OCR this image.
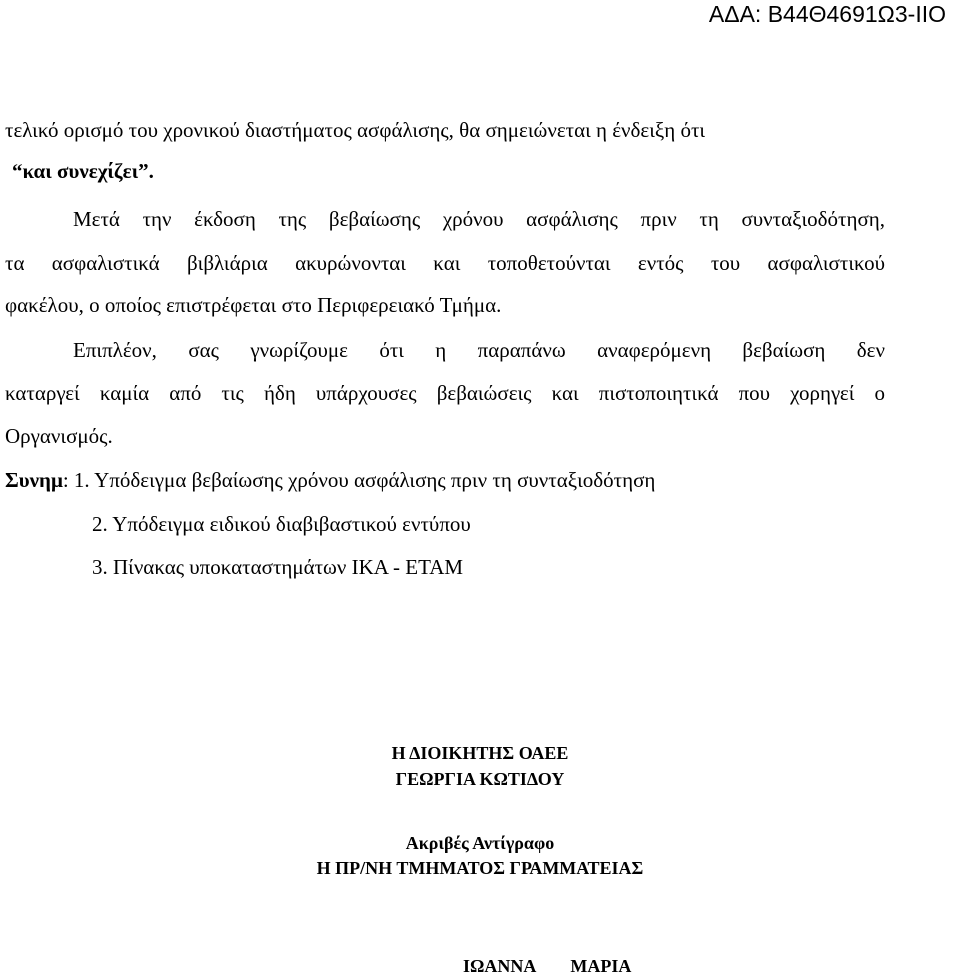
ΑΔΑ: Β44Θ4691Ω3-ΙΙΟ
τελικό ορισμό του χρονικού διαστήματος ασφάλισης, θα σημειώνεται η ένδειξη ότι
“και συνεχίζει”.
Μετά την έκδοση της βεβαίωσης χρόνου ασφάλισης πριν τη συνταξιοδότηση,
τα ασφαλιστικά βιβλιάρια ακυρώνονται και τοποθετούνται εντός του ασφαλιστικού
φακέλου, ο οποίος επιστρέφεται στο Περιφερειακό Τμήμα.
Επιπλέον, σας γνωρίζουμε ότι η παραπάνω αναφερόμενη βεβαίωση δεν
καταργεί καμία από τις ήδη υπάρχουσες βεβαιώσεις και πιστοποιητικά που χορηγεί ο
Οργανισμός.
Συνημ: 1. Υπόδειγμα βεβαίωσης χρόνου ασφάλισης πριν τη συνταξιοδότηση
2. Υπόδειγμα ειδικού διαβιβαστικού εντύπου
3. Πίνακας υποκαταστημάτων ΙΚΑ - ΕΤΑΜ
Η ΔΙΟΙΚΗΤΗΣ ΟΑΕΕ
ΓΕΩΡΓΙΑ ΚΩΤΙΔΟΥ
Ακριβές Αντίγραφο
Η ΠΡ/ΝΗ ΤΜΗΜΑΤΟΣ ΓΡΑΜΜΑΤΕΙΑΣ
ΙΩΑΝΝΑ ΜΑΡΙΑ
